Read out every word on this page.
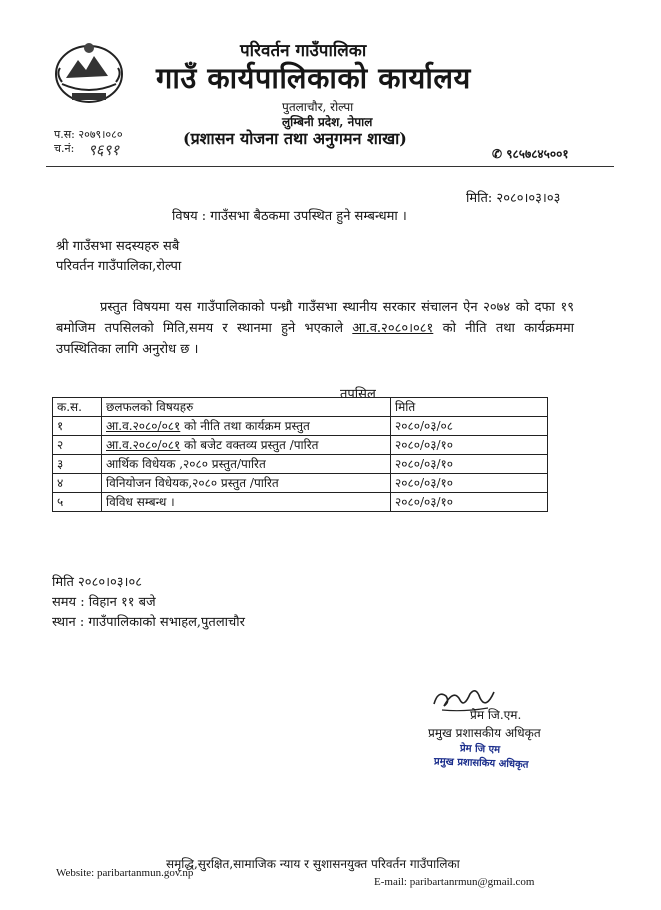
परिवर्तन गाउँपालिका
गाउँ कार्यपालिकाको कार्यालय
पुतलाचौर, रोल्पा
लुम्बिनी प्रदेश, नेपाल
(प्रशासन योजना तथा अनुगमन शाखा)
प.स: २०७९।०८०
च.नं: ९६९१	✆ ९८५७८४५००१
मिति: २०८०।०३।०३
विषय : गाउँसभा बैठकमा उपस्थित हुने सम्बन्धमा ।
श्री गाउँसभा सदस्यहरु सबै
परिवर्तन गाउँपालिका,रोल्पा
प्रस्तुत विषयमा यस गाउँपालिकाको पन्ध्रौ गाउँसभा स्थानीय सरकार संचालन ऐन २०७४ को दफा १९ बमोजिम तपसिलको मिति,समय र स्थानमा हुने भएकाले आ.व.२०८०।०८१ को नीति तथा कार्यक्रममा उपस्थितिका लागि अनुरोध छ ।
तपसिल
क.स.	छलफलको विषयहरु	मिति
१	आ.व.२०८०/०८१ को नीति तथा कार्यक्रम प्रस्तुत	२०८०/०३/०८
२	आ.व.२०८०/०८१ को बजेट वक्तव्य प्रस्तुत /पारित	२०८०/०३/१०
३	आर्थिक विधेयक ,२०८० प्रस्तुत/पारित	२०८०/०३/१०
४	विनियोजन विधेयक,२०८० प्रस्तुत /पारित	२०८०/०३/१०
५	विविध सम्बन्ध ।	२०८०/०३/१०
मिति २०८०।०३।०८
समय : विहान ११ बजे
स्थान : गाउँपालिकाको सभाहल,पुतलाचौर
प्रेम जि.एम.
प्रमुख प्रशासकीय अधिकृत
प्रेम जि एम
प्रमुख प्रशासकिय अधिकृत
समृद्धि,सुरक्षित,सामाजिक न्याय र सुशासनयुक्त परिवर्तन गाउँपालिका
Website: paribartanmun.gov.np
E-mail: paribartanrmun@gmail.com
